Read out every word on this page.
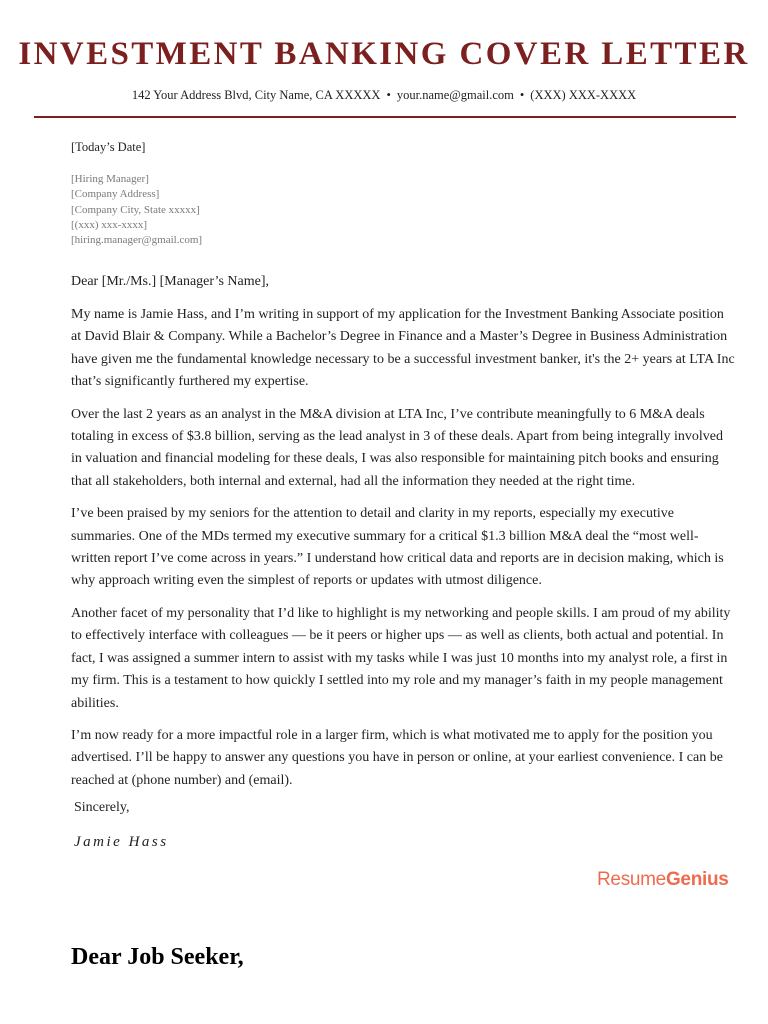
INVESTMENT BANKING COVER LETTER
142 Your Address Blvd, City Name, CA XXXXX • your.name@gmail.com • (XXX) XXX-XXXX
[Today’s Date]
[Hiring Manager]
[Company Address]
[Company City, State xxxxx]
[(xxx) xxx-xxxx]
[hiring.manager@gmail.com]
Dear [Mr./Ms.] [Manager’s Name],

My name is Jamie Hass, and I’m writing in support of my application for the Investment Banking Associate position at David Blair & Company. While a Bachelor’s Degree in Finance and a Master’s Degree in Business Administration have given me the fundamental knowledge necessary to be a successful investment banker, it's the 2+ years at LTA Inc that’s significantly furthered my expertise.

Over the last 2 years as an analyst in the M&A division at LTA Inc, I’ve contribute meaningfully to 6 M&A deals totaling in excess of $3.8 billion, serving as the lead analyst in 3 of these deals. Apart from being integrally involved in valuation and financial modeling for these deals, I was also responsible for maintaining pitch books and ensuring that all stakeholders, both internal and external, had all the information they needed at the right time.

I’ve been praised by my seniors for the attention to detail and clarity in my reports, especially my executive summaries. One of the MDs termed my executive summary for a critical $1.3 billion M&A deal the “most well-written report I’ve come across in years.” I understand how critical data and reports are in decision making, which is why approach writing even the simplest of reports or updates with utmost diligence.

Another facet of my personality that I’d like to highlight is my networking and people skills. I am proud of my ability to effectively interface with colleagues — be it peers or higher ups — as well as clients, both actual and potential. In fact, I was assigned a summer intern to assist with my tasks while I was just 10 months into my analyst role, a first in my firm. This is a testament to how quickly I settled into my role and my manager’s faith in my people management abilities.

I’m now ready for a more impactful role in a larger firm, which is what motivated me to apply for the position you advertised. I’ll be happy to answer any questions you have in person or online, at your earliest convenience. I can be reached at (phone number) and (email).

Sincerely,
Jamie Hass
ResumeGenius
Dear Job Seeker,
